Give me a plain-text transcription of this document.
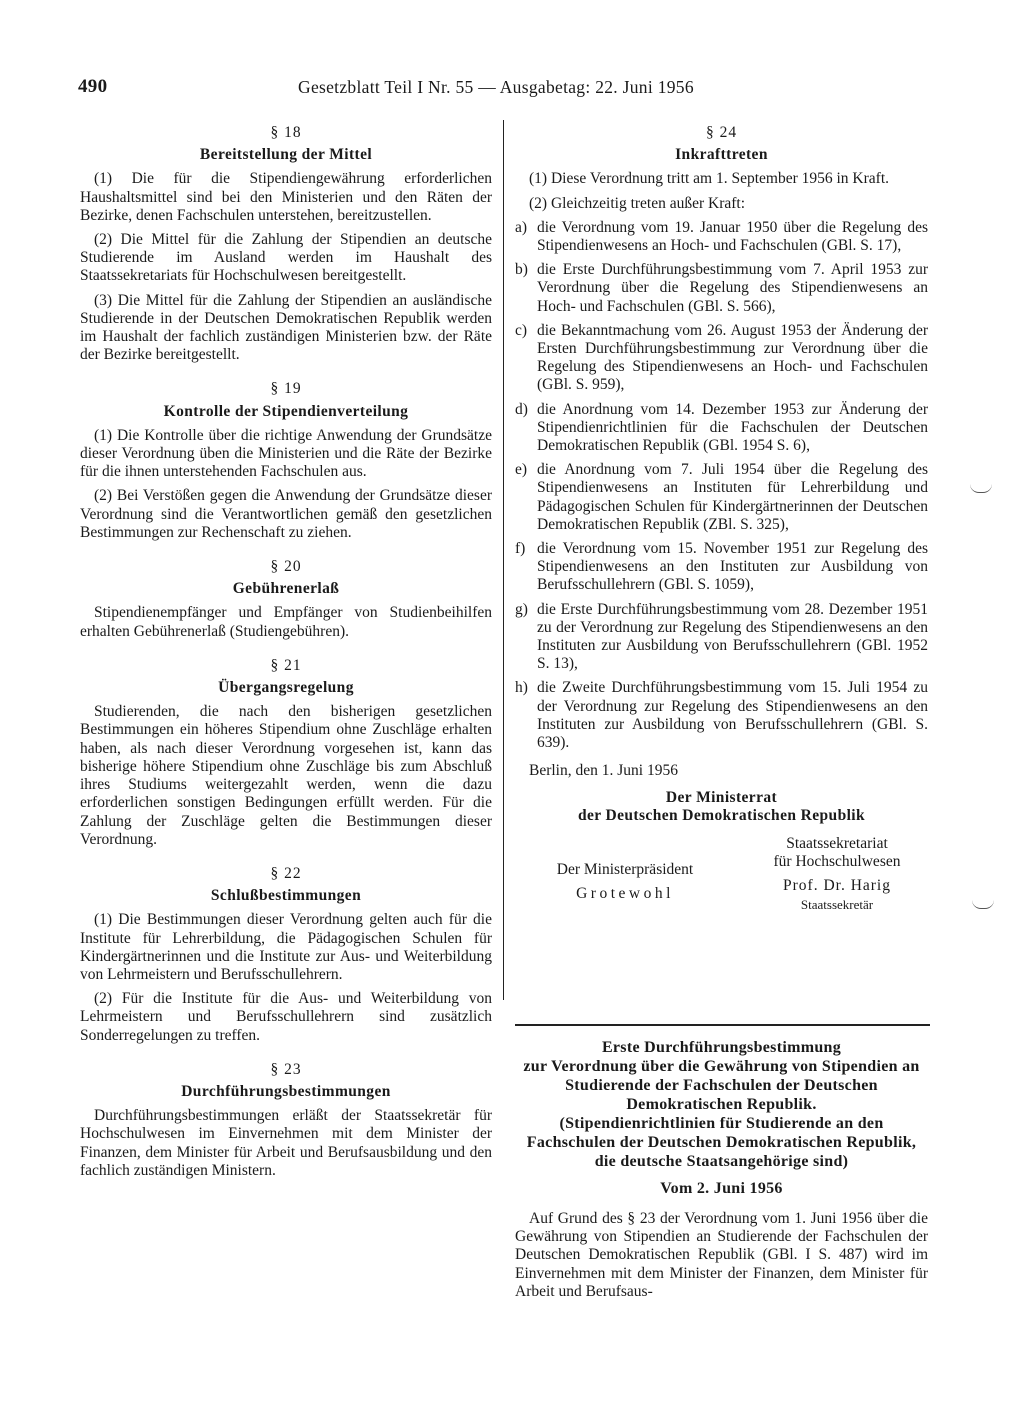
490	Gesetzblatt Teil I Nr. 55 — Ausgabetag: 22. Juni 1956
§ 18
Bereitstellung der Mittel

(1) Die für die Stipendiengewährung erforderlichen Haushaltsmittel sind bei den Ministerien und den Räten der Bezirke, denen Fachschulen unterstehen, bereitzustellen.

(2) Die Mittel für die Zahlung der Stipendien an deutsche Studierende im Ausland werden im Haushalt des Staatssekretariats für Hochschulwesen bereitgestellt.

(3) Die Mittel für die Zahlung der Stipendien an ausländische Studierende in der Deutschen Demokratischen Republik werden im Haushalt der fachlich zuständigen Ministerien bzw. der Räte der Bezirke bereitgestellt.

§ 19
Kontrolle der Stipendienverteilung

(1) Die Kontrolle über die richtige Anwendung der Grundsätze dieser Verordnung üben die Ministerien und die Räte der Bezirke für die ihnen unterstehenden Fachschulen aus.

(2) Bei Verstößen gegen die Anwendung der Grundsätze dieser Verordnung sind die Verantwortlichen gemäß den gesetzlichen Bestimmungen zur Rechenschaft zu ziehen.

§ 20
Gebührenerlaß

Stipendienempfänger und Empfänger von Studienbeihilfen erhalten Gebührenerlaß (Studiengebühren).

§ 21
Übergangsregelung

Studierenden, die nach den bisherigen gesetzlichen Bestimmungen ein höheres Stipendium ohne Zuschläge erhalten haben, als nach dieser Verordnung vorgesehen ist, kann das bisherige höhere Stipendium ohne Zuschläge bis zum Abschluß ihres Studiums weitergezahlt werden, wenn die dazu erforderlichen sonstigen Bedingungen erfüllt werden. Für die Zahlung der Zuschläge gelten die Bestimmungen dieser Verordnung.

§ 22
Schlußbestimmungen

(1) Die Bestimmungen dieser Verordnung gelten auch für die Institute für Lehrerbildung, die Pädagogischen Schulen für Kindergärtnerinnen und die Institute zur Aus- und Weiterbildung von Lehrmeistern und Berufsschullehrern.

(2) Für die Institute für die Aus- und Weiterbildung von Lehrmeistern und Berufsschullehrern sind zusätzlich Sonderregelungen zu treffen.

§ 23
Durchführungsbestimmungen

Durchführungsbestimmungen erläßt der Staatssekretär für Hochschulwesen im Einvernehmen mit dem Minister der Finanzen, dem Minister für Arbeit und Berufsausbildung und den fachlich zuständigen Ministern.

§ 24
Inkrafttreten

(1) Diese Verordnung tritt am 1. September 1956 in Kraft.

(2) Gleichzeitig treten außer Kraft:

a) die Verordnung vom 19. Januar 1950 über die Regelung des Stipendienwesens an Hoch- und Fachschulen (GBl. S. 17),
b) die Erste Durchführungsbestimmung vom 7. April 1953 zur Verordnung über die Regelung des Stipendienwesens an Hoch- und Fachschulen (GBl. S. 566),
c) die Bekanntmachung vom 26. August 1953 der Änderung der Ersten Durchführungsbestimmung zur Verordnung über die Regelung des Stipendienwesens an Hoch- und Fachschulen (GBl. S. 959),
d) die Anordnung vom 14. Dezember 1953 zur Änderung der Stipendienrichtlinien für die Fachschulen der Deutschen Demokratischen Republik (GBl. 1954 S. 6),
e) die Anordnung vom 7. Juli 1954 über die Regelung des Stipendienwesens an Instituten für Lehrerbildung und Pädagogischen Schulen für Kindergärtnerinnen der Deutschen Demokratischen Republik (ZBl. S. 325),
f) die Verordnung vom 15. November 1951 zur Regelung des Stipendienwesens an den Instituten zur Ausbildung von Berufsschullehrern (GBl. S. 1059),
g) die Erste Durchführungsbestimmung vom 28. Dezember 1951 zu der Verordnung zur Regelung des Stipendienwesens an den Instituten zur Ausbildung von Berufsschullehrern (GBl. 1952 S. 13),
h) die Zweite Durchführungsbestimmung vom 15. Juli 1954 zu der Verordnung zur Regelung des Stipendienwesens an den Instituten zur Ausbildung von Berufsschullehrern (GBl. S. 639).
Berlin, den 1. Juni 1956
Der Ministerrat
der Deutschen Demokratischen Republik
Der Ministerpräsident
Grotewohl
Staatssekretariat
für Hochschulwesen
Prof. Dr. Harig
Staatssekretär
Erste Durchführungsbestimmung
zur Verordnung über die Gewährung von Stipendien an Studierende der Fachschulen der Deutschen Demokratischen Republik.
(Stipendienrichtlinien für Studierende an den Fachschulen der Deutschen Demokratischen Republik, die deutsche Staatsangehörige sind)
Vom 2. Juni 1956
Auf Grund des § 23 der Verordnung vom 1. Juni 1956 über die Gewährung von Stipendien an Studierende der Fachschulen der Deutschen Demokratischen Republik (GBl. I S. 487) wird im Einvernehmen mit dem Minister der Finanzen, dem Minister für Arbeit und Berufsaus-
